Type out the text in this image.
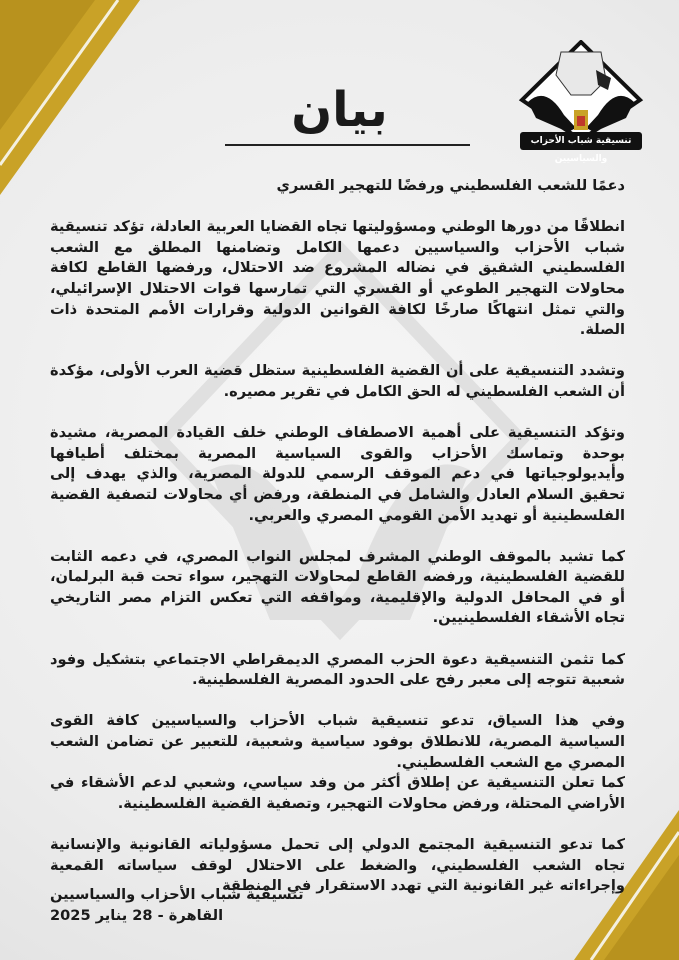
تنسيقية شباب الأحزاب والسياسيين
بيان

دعمًا للشعب الفلسطيني ورفضًا للتهجير القسري

انطلاقًا من دورها الوطني ومسؤوليتها تجاه القضايا العربية العادلة، تؤكد تنسيقية شباب الأحزاب والسياسيين دعمها الكامل وتضامنها المطلق مع الشعب الفلسطيني الشقيق في نضاله المشروع ضد الاحتلال، ورفضها القاطع لكافة محاولات التهجير الطوعي أو القسري التي تمارسها قوات الاحتلال الإسرائيلي، والتي تمثل انتهاكًا صارخًا لكافة القوانين الدولية وقرارات الأمم المتحدة ذات الصلة.

وتشدد التنسيقية على أن القضية الفلسطينية ستظل قضية العرب الأولى، مؤكدة أن الشعب الفلسطيني له الحق الكامل في تقرير مصيره.

وتؤكد التنسيقية على أهمية الاصطفاف الوطني خلف القيادة المصرية، مشيدة بوحدة وتماسك الأحزاب والقوى السياسية المصرية بمختلف أطيافها وأيديولوجياتها في دعم الموقف الرسمي للدولة المصرية، والذي يهدف إلى تحقيق السلام العادل والشامل في المنطقة، ورفض أي محاولات لتصفية القضية الفلسطينية أو تهديد الأمن القومي المصري والعربي.

كما تشيد بالموقف الوطني المشرف لمجلس النواب المصري، في دعمه الثابت للقضية الفلسطينية، ورفضه القاطع لمحاولات التهجير، سواء تحت قبة البرلمان، أو في المحافل الدولية والإقليمية، ومواقفه التي تعكس التزام مصر التاريخي تجاه الأشقاء الفلسطينيين.

كما تثمن التنسيقية دعوة الحزب المصري الديمقراطي الاجتماعي بتشكيل وفود شعبية تتوجه إلى معبر رفح على الحدود المصرية الفلسطينية.

وفي هذا السياق، تدعو تنسيقية شباب الأحزاب والسياسيين كافة القوى السياسية المصرية، للانطلاق بوفود سياسية وشعبية، للتعبير عن تضامن الشعب المصري مع الشعب الفلسطيني.

كما تعلن التنسيقية عن إطلاق أكثر من وفد سياسي، وشعبي لدعم الأشقاء في الأراضي المحتلة، ورفض محاولات التهجير، وتصفية القضية الفلسطينية.

كما تدعو التنسيقية المجتمع الدولي إلى تحمل مسؤولياته القانونية والإنسانية تجاه الشعب الفلسطيني، والضغط على الاحتلال لوقف سياساته القمعية وإجراءاته غير القانونية التي تهدد الاستقرار في المنطقة

تنسيقية شباب الأحزاب والسياسيين
القاهرة - 28 يناير 2025
